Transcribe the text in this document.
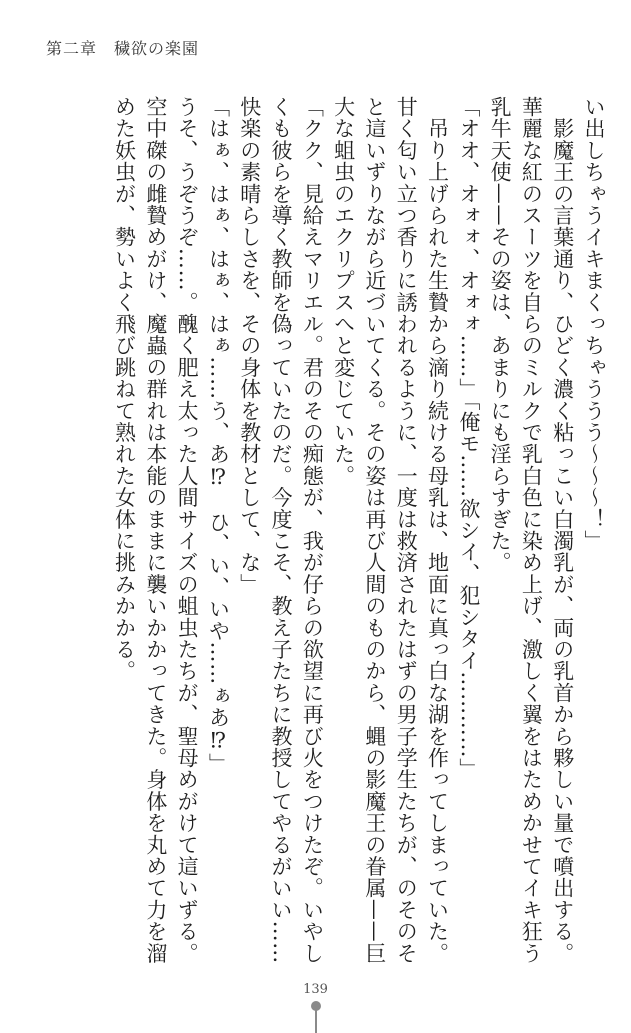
第二章　穢欲の楽園
い出しちゃうイキまくっちゃううう〜〜〜！」
　影魔王の言葉通り、ひどく濃く粘っこい白濁乳が、両の乳首から夥しい量で噴出する。
華麗な紅のスーツを自らのミルクで乳白色に染め上げ、激しく翼をはためかせてイキ狂う
乳牛天使——その姿は、あまりにも淫らすぎた。
「オオ、オォォ、オォォ……」「俺モ……欲シイ、犯シタイ…………」
　吊り上げられた生贄から滴り続ける母乳は、地面に真っ白な湖を作ってしまっていた。
甘く匂い立つ香りに誘われるように、一度は救済されたはずの男子学生たちが、のそのそ
と這いずりながら近づいてくる。その姿は再び人間のものから、蝿の影魔王の眷属——巨
大な蛆虫のエクリプスへと変じていた。
「クク、見給えマリエル。君のその痴態が、我が仔らの欲望に再び火をつけたぞ。いやし
くも彼らを導く教師を偽っていたのだ。今度こそ、教え子たちに教授してやるがいい……
快楽の素晴らしさを、その身体を教材として、な」
「はぁ、はぁ、はぁ、はぁ……う、あ⁉　ひ、い、いや……ぁあ⁉」
うそ、うぞうぞ……。醜く肥え太った人間サイズの蛆虫たちが、聖母めがけて這いずる。
空中磔の雌贄めがけ、魔蟲の群れは本能のままに襲いかかってきた。身体を丸めて力を溜
めた妖虫が、勢いよく飛び跳ねて熟れた女体に挑みかかる。
139
